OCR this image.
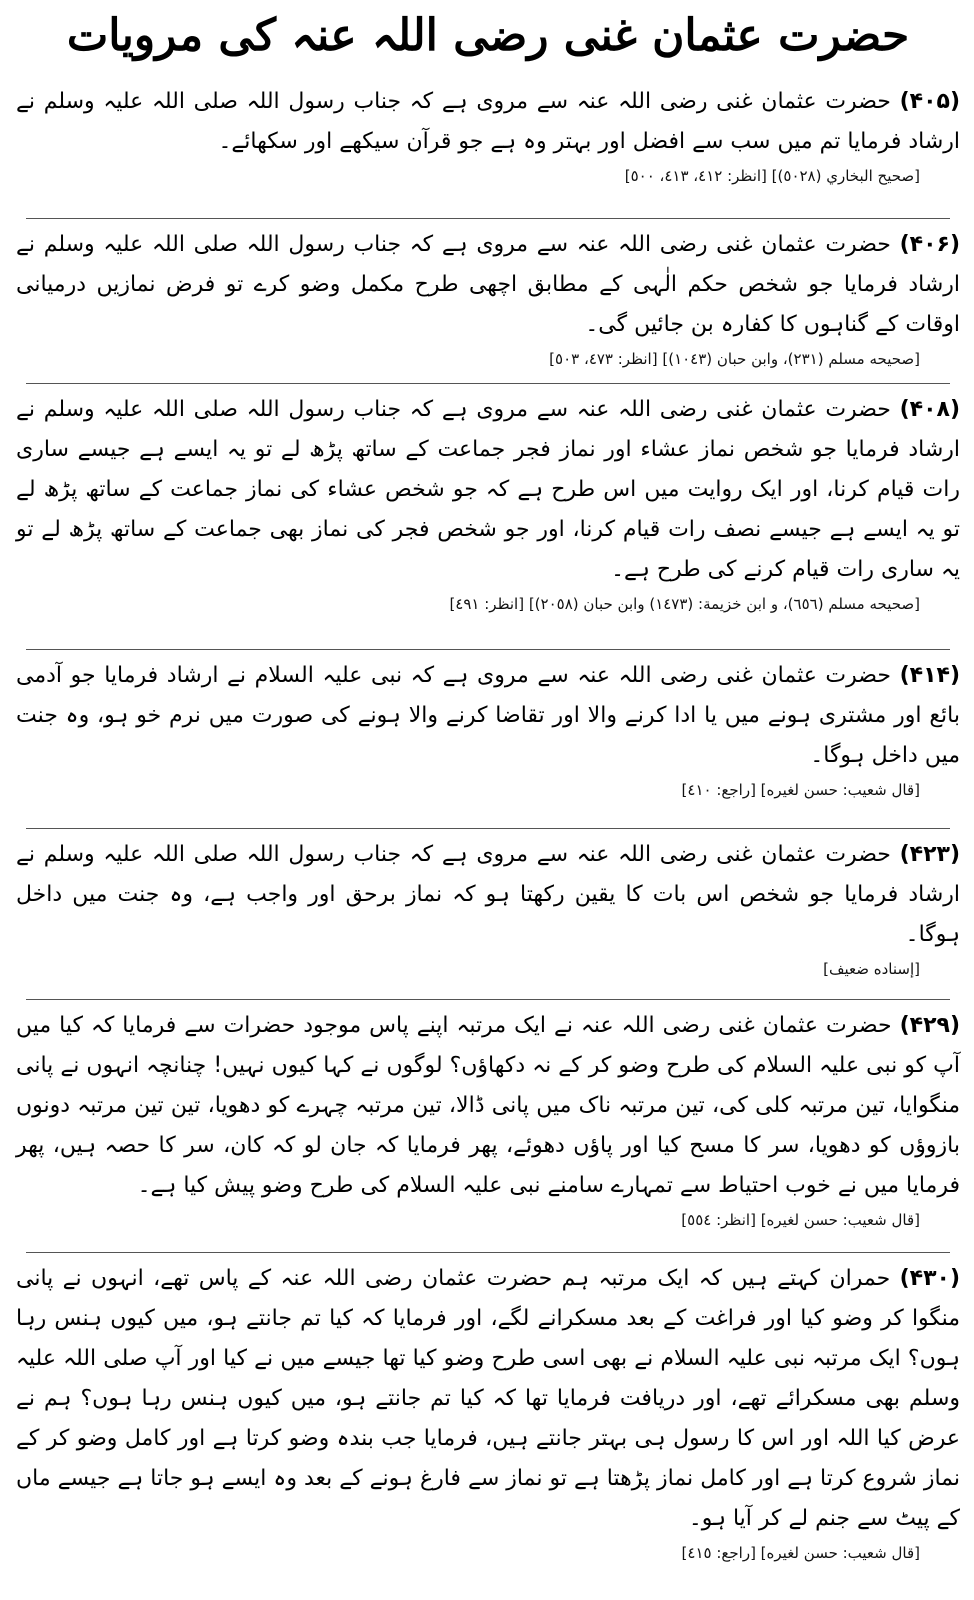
حضرت عثمان غنی رضی اللہ عنہ کی مرویات

(۴۰۵) حضرت عثمان غنی رضی اللہ عنہ سے مروی ہے کہ جناب رسول اللہ صلی اللہ علیہ وسلم نے ارشاد فرمایا تم میں سب سے افضل اور بہتر وہ ہے جو قرآن سیکھے اور سکھائے۔

[صحيح البخاري (٥٠٢٨)] [انظر: ٤١٢، ٤١٣، ٥٠٠]

(۴۰۶) حضرت عثمان غنی رضی اللہ عنہ سے مروی ہے کہ جناب رسول اللہ صلی اللہ علیہ وسلم نے ارشاد فرمایا جو شخص حکم الٰہی کے مطابق اچھی طرح مکمل وضو کرے تو فرض نمازیں درمیانی اوقات کے گناہوں کا کفارہ بن جائیں گی۔

[صحيحه مسلم (٢٣١)، وابن حبان (١٠٤٣)] [انظر: ٤٧٣، ٥٠٣]

(۴۰۸) حضرت عثمان غنی رضی اللہ عنہ سے مروی ہے کہ جناب رسول اللہ صلی اللہ علیہ وسلم نے ارشاد فرمایا جو شخص نماز عشاء اور نماز فجر جماعت کے ساتھ پڑھ لے تو یہ ایسے ہے جیسے ساری رات قیام کرنا، اور ایک روایت میں اس طرح ہے کہ جو شخص عشاء کی نماز جماعت کے ساتھ پڑھ لے تو یہ ایسے ہے جیسے نصف رات قیام کرنا، اور جو شخص فجر کی نماز بھی جماعت کے ساتھ پڑھ لے تو یہ ساری رات قیام کرنے کی طرح ہے۔

[صحيحه مسلم (٦٥٦)، و ابن خزيمة: (١٤٧٣) وابن حبان (٢٠٥٨)] [انظر: ٤٩١]

(۴۱۴) حضرت عثمان غنی رضی اللہ عنہ سے مروی ہے کہ نبی علیہ السلام نے ارشاد فرمایا جو آدمی بائع اور مشتری ہونے میں یا ادا کرنے والا اور تقاضا کرنے والا ہونے کی صورت میں نرم خو ہو، وہ جنت میں داخل ہوگا۔

[قال شعيب: حسن لغيره] [راجع: ٤١٠]

(۴۲۳) حضرت عثمان غنی رضی اللہ عنہ سے مروی ہے کہ جناب رسول اللہ صلی اللہ علیہ وسلم نے ارشاد فرمایا جو شخص اس بات کا یقین رکھتا ہو کہ نماز برحق اور واجب ہے، وہ جنت میں داخل ہوگا۔

[إسناده ضعيف]

(۴۲۹) حضرت عثمان غنی رضی اللہ عنہ نے ایک مرتبہ اپنے پاس موجود حضرات سے فرمایا کہ کیا میں آپ کو نبی علیہ السلام کی طرح وضو کر کے نہ دکھاؤں؟ لوگوں نے کہا کیوں نہیں! چنانچہ انہوں نے پانی منگوایا، تین مرتبہ کلی کی، تین مرتبہ ناک میں پانی ڈالا، تین مرتبہ چہرے کو دھویا، تین تین مرتبہ دونوں بازوؤں کو دھویا، سر کا مسح کیا اور پاؤں دھوئے، پھر فرمایا کہ جان لو کہ کان، سر کا حصہ ہیں، پھر فرمایا میں نے خوب احتیاط سے تمہارے سامنے نبی علیہ السلام کی طرح وضو پیش کیا ہے۔

[قال شعيب: حسن لغيره] [انظر: ٥٥٤]

(۴۳۰) حمران کہتے ہیں کہ ایک مرتبہ ہم حضرت عثمان رضی اللہ عنہ کے پاس تھے، انہوں نے پانی منگوا کر وضو کیا اور فراغت کے بعد مسکرانے لگے، اور فرمایا کہ کیا تم جانتے ہو، میں کیوں ہنس رہا ہوں؟ ایک مرتبہ نبی علیہ السلام نے بھی اسی طرح وضو کیا تھا جیسے میں نے کیا اور آپ صلی اللہ علیہ وسلم بھی مسکرائے تھے، اور دریافت فرمایا تھا کہ کیا تم جانتے ہو، میں کیوں ہنس رہا ہوں؟ ہم نے عرض کیا اللہ اور اس کا رسول ہی بہتر جانتے ہیں، فرمایا جب بندہ وضو کرتا ہے اور کامل وضو کر کے نماز شروع کرتا ہے اور کامل نماز پڑھتا ہے تو نماز سے فارغ ہونے کے بعد وہ ایسے ہو جاتا ہے جیسے ماں کے پیٹ سے جنم لے کر آیا ہو۔

[قال شعيب: حسن لغيره] [راجع: ٤١٥]
